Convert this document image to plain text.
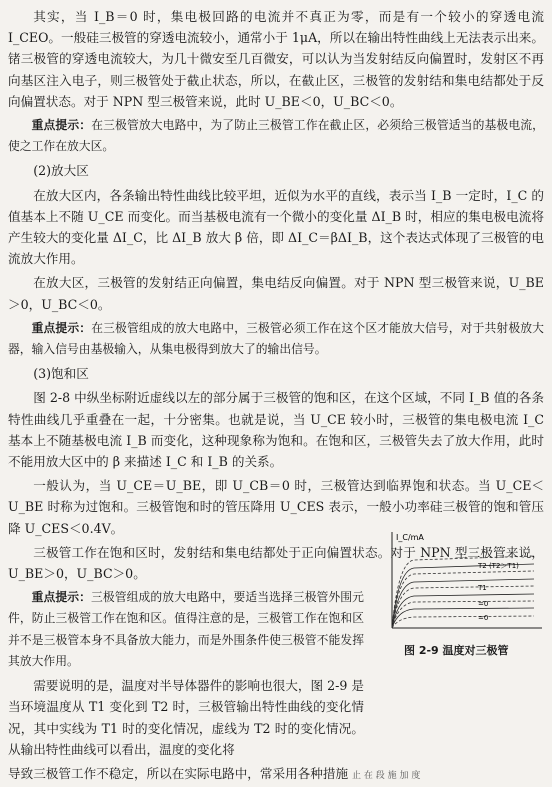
其实，当 I_B＝0 时，集电极回路的电流并不真正为零，而是有一个较小的穿透电流 I_CEO。一般硅三极管的穿透电流较小，通常小于 1μA，所以在输出特性曲线上无法表示出来。锗三极管的穿透电流较大，为几十微安至几百微安，可以认为当发射结反向偏置时，发射区不再向基区注入电子，则三极管处于截止状态，所以，在截止区，三极管的发射结和集电结都处于反向偏置状态。对于 NPN 型三极管来说，此时 U_BE＜0，U_BC＜0。

重点提示：在三极管放大电路中，为了防止三极管工作在截止区，必须给三极管适当的基极电流，使之工作在放大区。

(2)放大区

在放大区内，各条输出特性曲线比较平坦，近似为水平的直线，表示当 I_B 一定时，I_C 的值基本上不随 U_CE 而变化。而当基极电流有一个微小的变化量 ΔI_B 时，相应的集电极电流将产生较大的变化量 ΔI_C，比 ΔI_B 放大 β 倍，即 ΔI_C＝βΔI_B，这个表达式体现了三极管的电流放大作用。

在放大区，三极管的发射结正向偏置，集电结反向偏置。对于 NPN 型三极管来说，U_BE＞0，U_BC＜0。

重点提示：在三极管组成的放大电路中，三极管必须工作在这个区才能放大信号，对于共射极放大器，输入信号由基极输入，从集电极得到放大了的输出信号。

(3)饱和区

图 2-8 中纵坐标附近虚线以左的部分属于三极管的饱和区，在这个区域，不同 I_B 值的各条特性曲线几乎重叠在一起，十分密集。也就是说，当 U_CE 较小时，三极管的集电极电流 I_C 基本上不随基极电流 I_B 而变化，这种现象称为饱和。在饱和区，三极管失去了放大作用，此时不能用放大区中的 β 来描述 I_C 和 I_B 的关系。

一般认为，当 U_CE＝U_BE，即 U_CB＝0 时，三极管达到临界饱和状态。当 U_CE＜U_BE 时称为过饱和。三极管饱和时的管压降用 U_CES 表示，一般小功率硅三极管的饱和管压降 U_CES＜0.4V。

三极管工作在饱和区时，发射结和集电结都处于正向偏置状态。对于 NPN 型三极管来说，U_BE＞0，U_BC＞0。

重点提示：三极管组成的放大电路中，要适当选择三极管外围元件，防止三极管工作在饱和区。值得注意的是，三极管工作在饱和区并不是三极管本身不具备放大能力，而是外围条件使三极管不能发挥其放大作用。

需要说明的是，温度对半导体器件的影响也很大，图 2-9 是当环境温度从 T1 变化到 T2 时，三极管输出特性曲线的变化情况，其中实线为 T1 时的变化情况，虚线为 T2 时的变化情况。从输出特性曲线可以看出，温度的变化将

导致三极管工作不稳定，所以在实际电路中，常采用各种措施 止 在 段 施 加 度

I_C/mA
T2 (T2＞T1)
T1
=0
=0
图 2-9 温度对三极管
